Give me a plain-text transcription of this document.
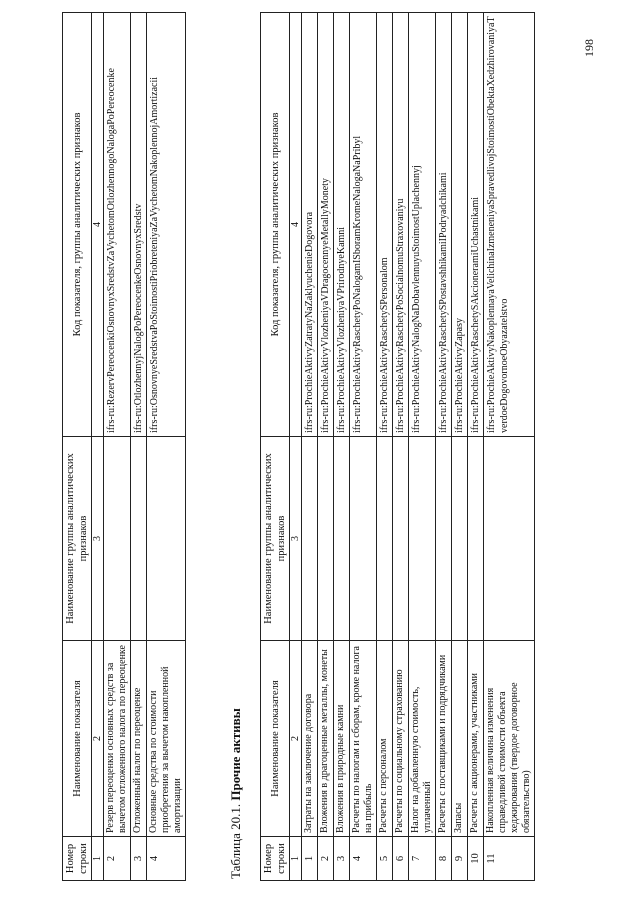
Номер строки	Наименование показателя	Наименование группы аналитических признаков	Код показателя, группы аналитических признаков
1	2	3	4
2	Резерв переоценки основных средств за вычетом отложенного налога по переоценке		ifrs-ru:RezervPereocenkiOsnovnyxSredstvZaVychetomOtlozhennogoNalogaPoPereocenke
3	Отложенный налог по переоценке		ifrs-ru:OtlozhennyjNalogPoPereocenkeOsnovnyxSredstv
4	Основные средства по стоимости приобретения за вычетом накопленной амортизации		ifrs-ru:OsnovnyeSredstvaPoStoimostiPriobreteniyaZaVychetomNakoplennojAmortizacii
Таблица 20.1. Прочие активы
Номер строки	Наименование показателя	Наименование группы аналитических признаков	Код показателя, группы аналитических признаков
1	2	3	4
1	Затраты на заключение договора		ifrs-ru:ProchieAktivyZatratyNaZaklyuchenieDogovora
2	Вложения в драгоценные металлы, монеты		ifrs-ru:ProchieAktivyVlozheniyaVDragocennyeMetallyMonety
3	Вложения в природные камни		ifrs-ru:ProchieAktivyVlozheniyaVPrirodnyeKamni
4	Расчеты по налогам и сборам, кроме налога на прибыль		ifrs-ru:ProchieAktivyRaschetyPoNalogamISboramKromeNalogaNaPribyl
5	Расчеты с персоналом		ifrs-ru:ProchieAktivyRaschetySPersonalom
6	Расчеты по социальному страхованию		ifrs-ru:ProchieAktivyRaschetyPoSocialnomuStraxovaniyu
7	Налог на добавленную стоимость, уплаченный		ifrs-ru:ProchieAktivyNalogNaDobavlennuyuStoimostUplachennyj
8	Расчеты с поставщиками и подрядчиками		ifrs-ru:ProchieAktivyRaschetySPostavshhikamiIPodryadchikami
9	Запасы		ifrs-ru:ProchieAktivyZapasy
10	Расчеты с акционерами, участниками		ifrs-ru:ProchieAktivyRaschetySAkcioneramiUchastnikami
11	Накопленная величина изменения справедливой стоимости объекта хеджирования (твердое договорное обязательство)		ifrs-ru:ProchieAktivyNakoplennayaVelichinaIzmeneniyaSpravedlivojStoimostiObektaXedzhirovaniyaTverdoeDogovornoeObyazatelstvo
198
